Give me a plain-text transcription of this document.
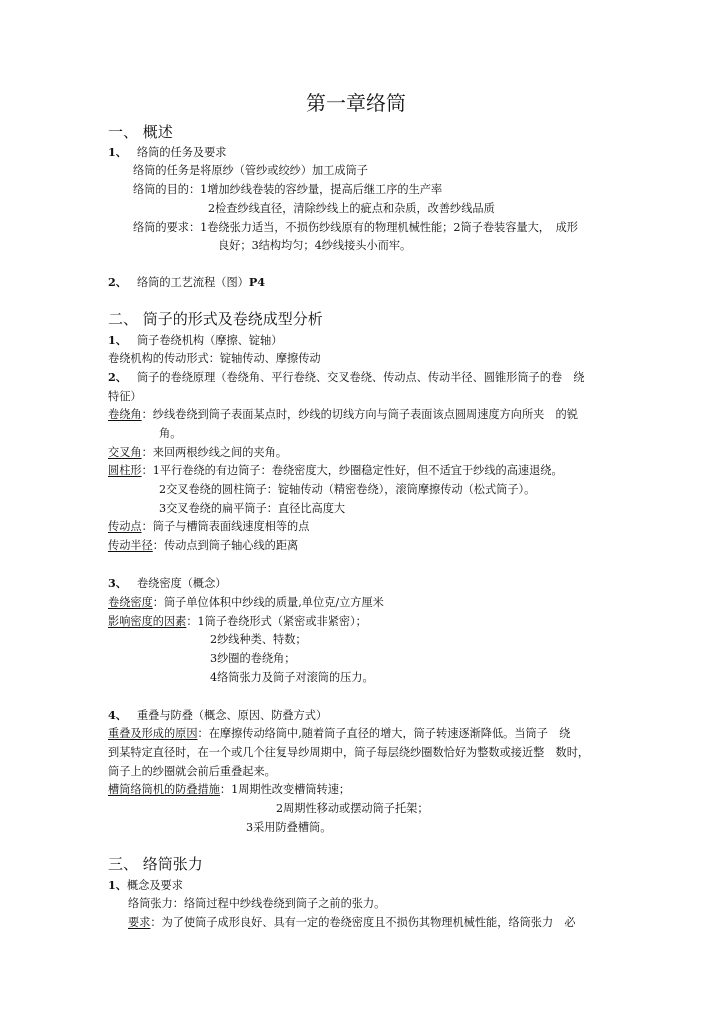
第一章络筒
一、 概述
1、 络筒的任务及要求
络筒的任务是将原纱（管纱或绞纱）加工成筒子
络筒的目的：1增加纱线卷装的容纱量，提高后继工序的生产率
2检查纱线直径，清除纱线上的疵点和杂质，改善纱线品质
络筒的要求：1卷绕张力适当，不损伤纱线原有的物理机械性能；2筒子卷装容量大，　成形
良好；3结构均匀；4纱线接头小而牢。
2、 络筒的工艺流程（图）P4
二、 筒子的形式及卷绕成型分析
1、 筒子卷绕机构（摩擦、锭轴）
卷绕机构的传动形式：锭轴传动、摩擦传动
2、 筒子的卷绕原理（卷绕角、平行卷绕、交叉卷绕、传动点、传动半径、圆锥形筒子的卷　绕
特征）
卷绕角：纱线卷绕到筒子表面某点时，纱线的切线方向与筒子表面该点圆周速度方向所夹　的锐
角。
交叉角：来回两根纱线之间的夹角。
圆柱形：1平行卷绕的有边筒子：卷绕密度大，纱圈稳定性好，但不适宜于纱线的高速退绕。
2交叉卷绕的圆柱筒子：锭轴传动（精密卷绕），滚筒摩擦传动（松式筒子）。
3交叉卷绕的扁平筒子：直径比高度大
传动点：筒子与槽筒表面线速度相等的点
传动半径：传动点到筒子轴心线的距离
3、 卷绕密度（概念）
卷绕密度：筒子单位体积中纱线的质量,单位克/立方厘米
影响密度的因素：1筒子卷绕形式（紧密或非紧密）；
2纱线种类、特数；
3纱圈的卷绕角；
4络筒张力及筒子对滚筒的压力。
4、 重叠与防叠（概念、原因、防叠方式）
重叠及形成的原因：在摩擦传动络筒中,随着筒子直径的增大，筒子转速逐渐降低。当筒子　绕
到某特定直径时，在一个或几个往复导纱周期中，筒子每层绕纱圈数恰好为整数或接近整　数时，
筒子上的纱圈就会前后重叠起来。
槽筒络筒机的防叠措施：1周期性改变槽筒转速；
2周期性移动或摆动筒子托架；
3采用防叠槽筒。
三、 络筒张力
1、概念及要求
络筒张力：络筒过程中纱线卷绕到筒子之前的张力。
要求：为了使筒子成形良好、具有一定的卷绕密度且不损伤其物理机械性能，络筒张力　必
